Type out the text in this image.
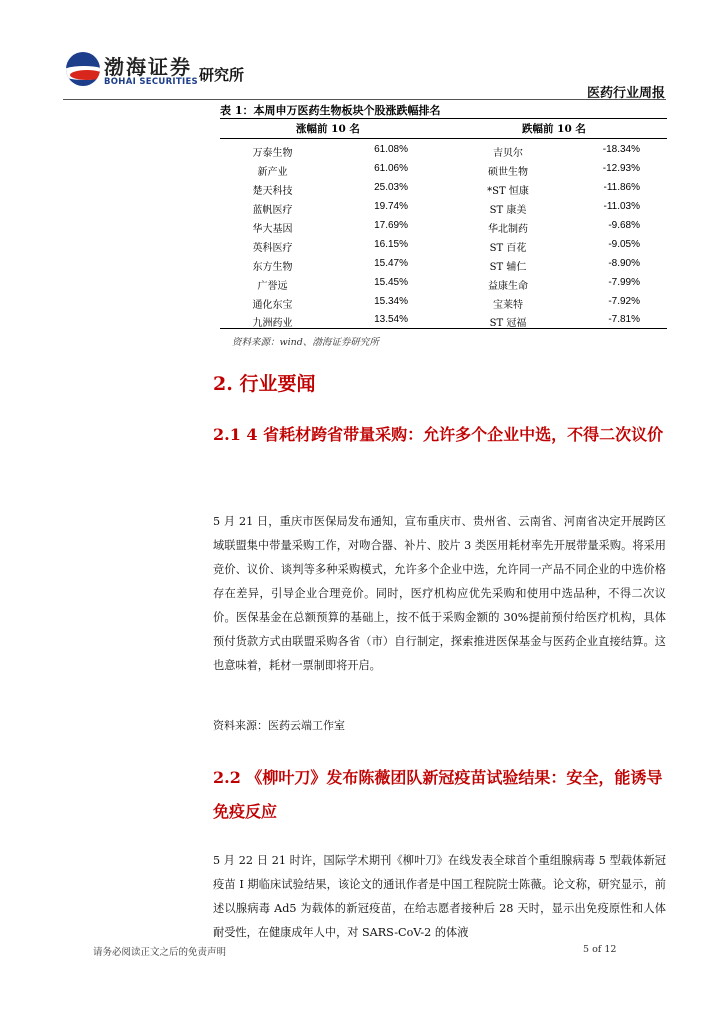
渤海证券
BOHAI SECURITIES 研究所
医药行业周报
表 1：本周申万医药生物板块个股涨跌幅排名
涨幅前 10 名	跌幅前 10 名
万泰生物	61.08%	吉贝尔	-18.34%
新产业	61.06%	硕世生物	-12.93%
楚天科技	25.03%	*ST 恒康	-11.86%
蓝帆医疗	19.74%	ST 康美	-11.03%
华大基因	17.69%	华北制药	-9.68%
英科医疗	16.15%	ST 百花	-9.05%
东方生物	15.47%	ST 辅仁	-8.90%
广誉远	15.45%	益康生命	-7.99%
通化东宝	15.34%	宝莱特	-7.92%
九洲药业	13.54%	ST 冠福	-7.81%
资料来源：wind、渤海证券研究所
2. 行业要闻
2.1 4 省耗材跨省带量采购：允许多个企业中选，不得二次议价
5 月 21 日，重庆市医保局发布通知，宣布重庆市、贵州省、云南省、河南省决定开展跨区域联盟集中带量采购工作，对吻合器、补片、胶片 3 类医用耗材率先开展带量采购。将采用竞价、议价、谈判等多种采购模式，允许多个企业中选，允许同一产品不同企业的中选价格存在差异，引导企业合理竞价。同时，医疗机构应优先采购和使用中选品种，不得二次议价。医保基金在总额预算的基础上，按不低于采购金额的 30%提前预付给医疗机构，具体预付货款方式由联盟采购各省（市）自行制定，探索推进医保基金与医药企业直接结算。这也意味着，耗材一票制即将开启。
资料来源：医药云端工作室
2.2 《柳叶刀》发布陈薇团队新冠疫苗试验结果：安全，能诱导免疫反应
5 月 22 日 21 时许，国际学术期刊《柳叶刀》在线发表全球首个重组腺病毒 5 型载体新冠疫苗 I 期临床试验结果，该论文的通讯作者是中国工程院院士陈薇。论文称，研究显示，前述以腺病毒 Ad5 为载体的新冠疫苗，在给志愿者接种后 28 天时，显示出免疫原性和人体耐受性，在健康成年人中，对 SARS-CoV-2 的体液
请务必阅读正文之后的免责声明	5 of 12
